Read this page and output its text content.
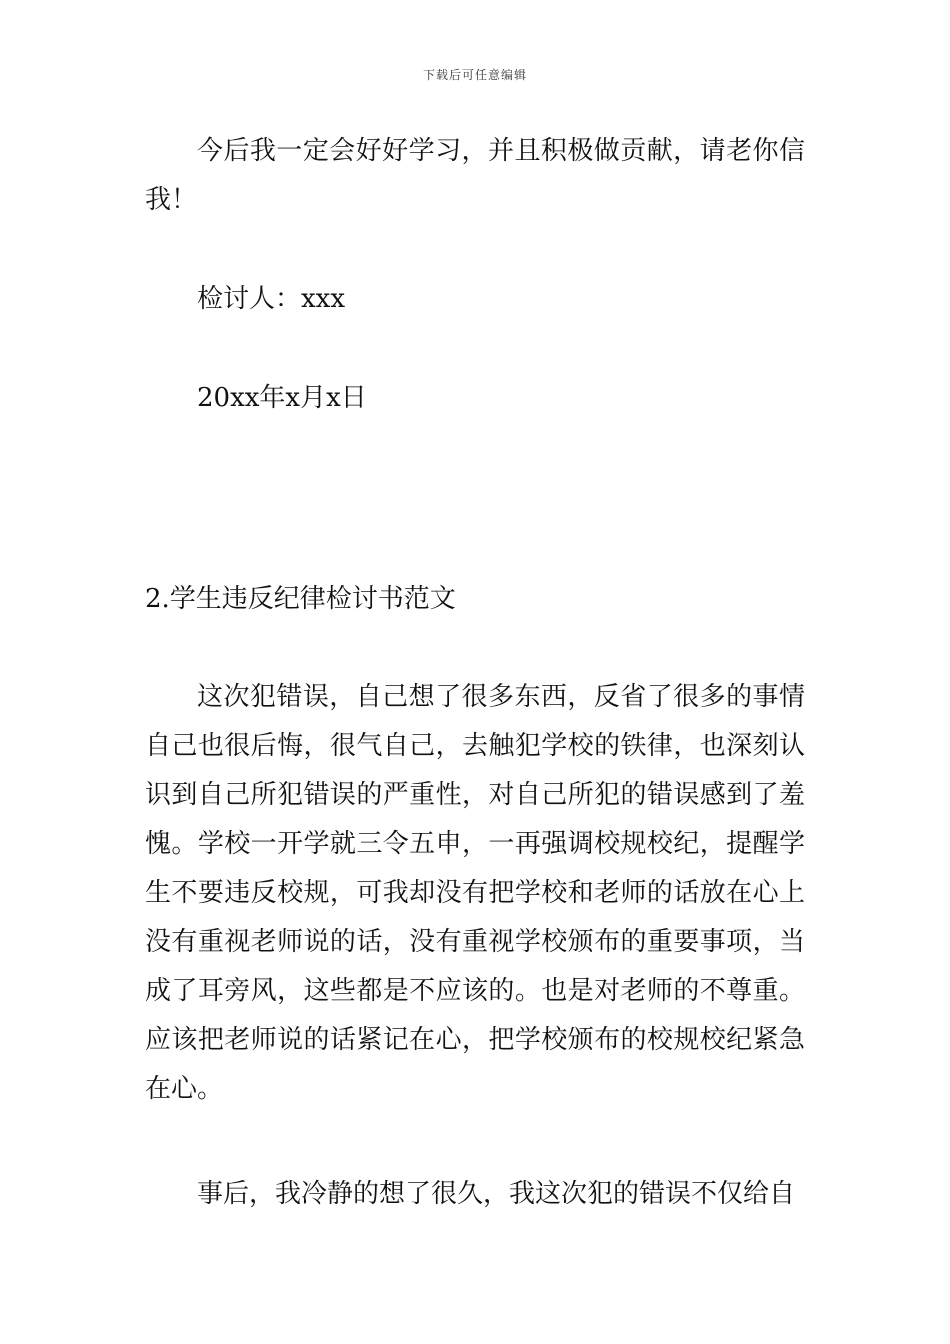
下载后可任意编辑
今后我一定会好好学习，并且积极做贡献，请老你信我！
检讨人：xxx
20xx年x月x日
2.学生违反纪律检讨书范文
这次犯错误，自己想了很多东西，反省了很多的事情自己也很后悔，很气自己，去触犯学校的铁律，也深刻认识到自己所犯错误的严重性，对自己所犯的错误感到了羞愧。学校一开学就三令五申，一再强调校规校纪，提醒学生不要违反校规，可我却没有把学校和老师的话放在心上没有重视老师说的话，没有重视学校颁布的重要事项，当成了耳旁风，这些都是不应该的。也是对老师的不尊重。应该把老师说的话紧记在心，把学校颁布的校规校纪紧急在心。
事后，我冷静的想了很久，我这次犯的错误不仅给自
